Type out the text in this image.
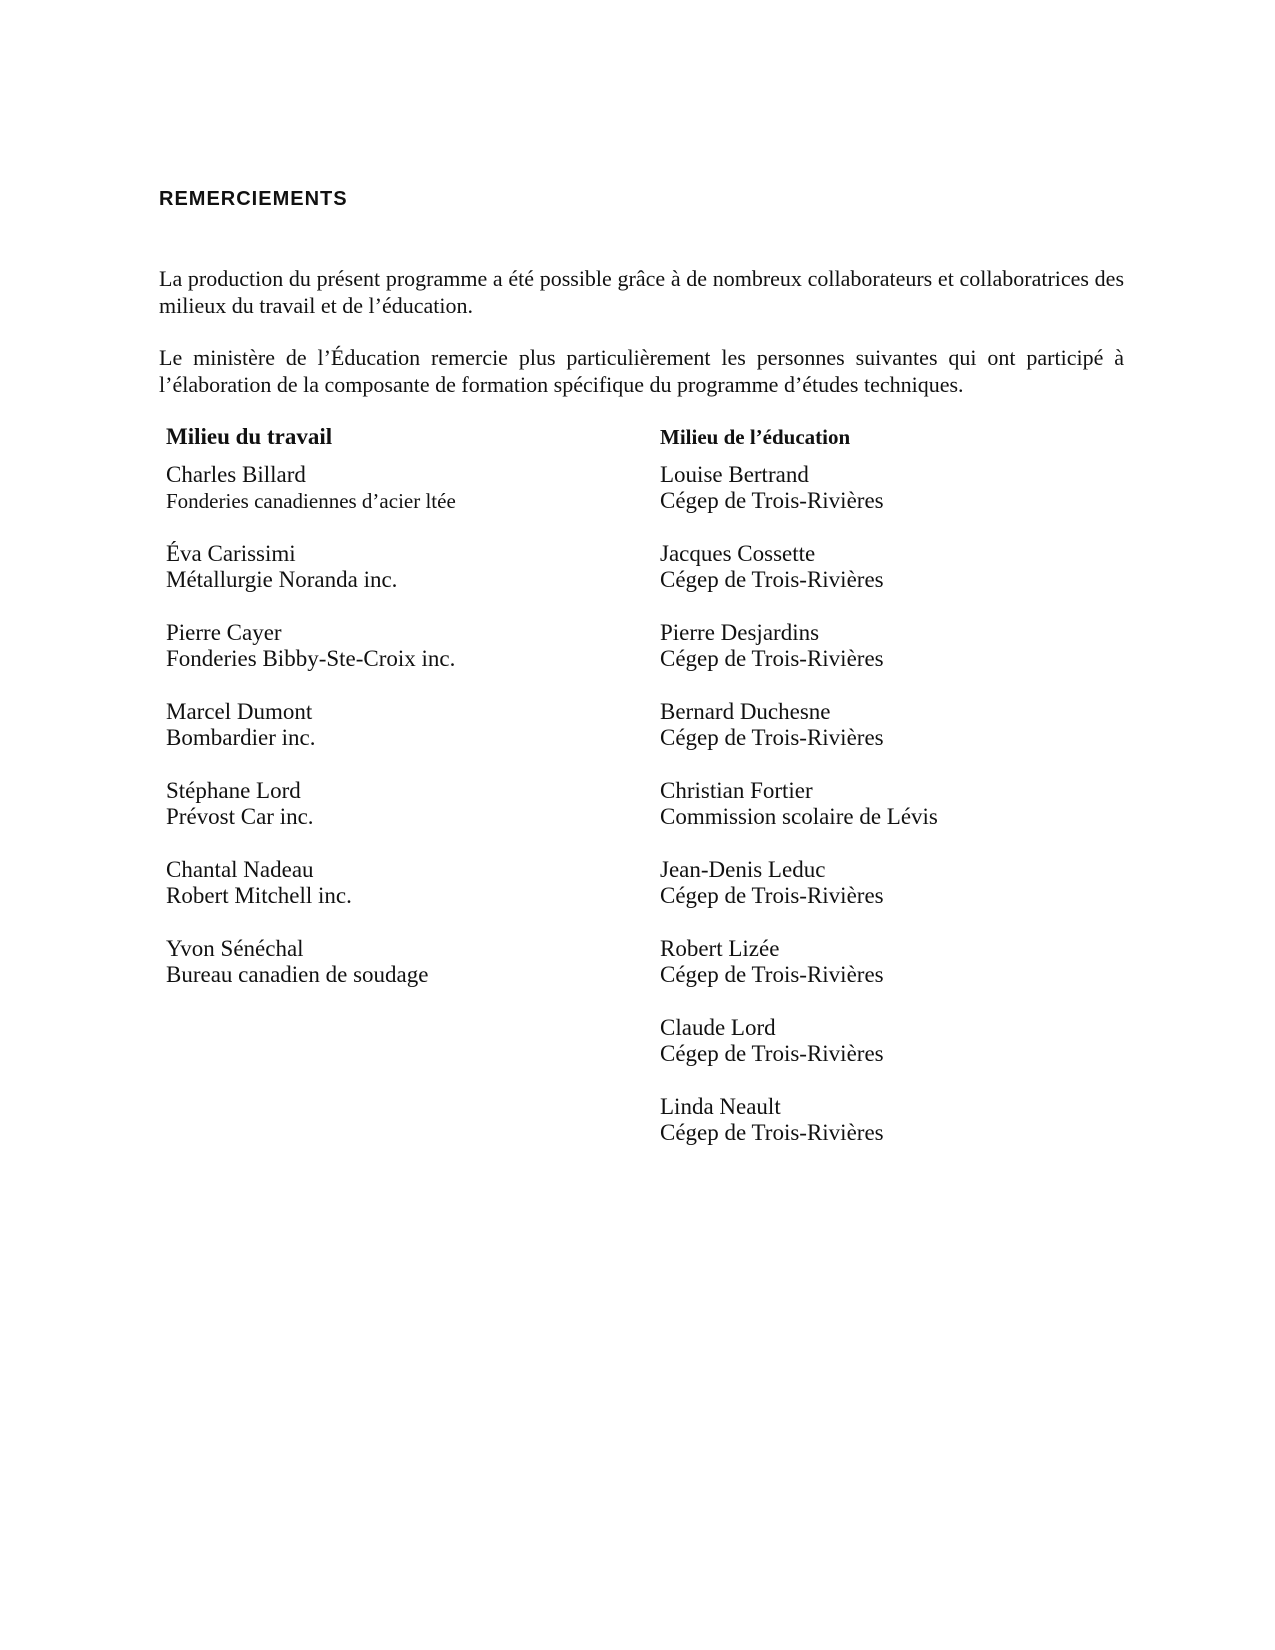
REMERCIEMENTS

La production du présent programme a été possible grâce à de nombreux collaborateurs et collaboratrices des milieux du travail et de l’éducation.

Le ministère de l’Éducation remercie plus particulièrement les personnes suivantes qui ont participé à l’élaboration de la composante de formation spécifique du programme d’études techniques.

Milieu du travail
Charles Billard
Fonderies canadiennes d’acier ltée
Éva Carissimi
Métallurgie Noranda inc.
Pierre Cayer
Fonderies Bibby-Ste-Croix inc.
Marcel Dumont
Bombardier inc.
Stéphane Lord
Prévost Car inc.
Chantal Nadeau
Robert Mitchell inc.
Yvon Sénéchal
Bureau canadien de soudage
Milieu de l’éducation
Louise Bertrand
Cégep de Trois-Rivières
Jacques Cossette
Cégep de Trois-Rivières
Pierre Desjardins
Cégep de Trois-Rivières
Bernard Duchesne
Cégep de Trois-Rivières
Christian Fortier
Commission scolaire de Lévis
Jean-Denis Leduc
Cégep de Trois-Rivières
Robert Lizée
Cégep de Trois-Rivières
Claude Lord
Cégep de Trois-Rivières
Linda Neault
Cégep de Trois-Rivières
